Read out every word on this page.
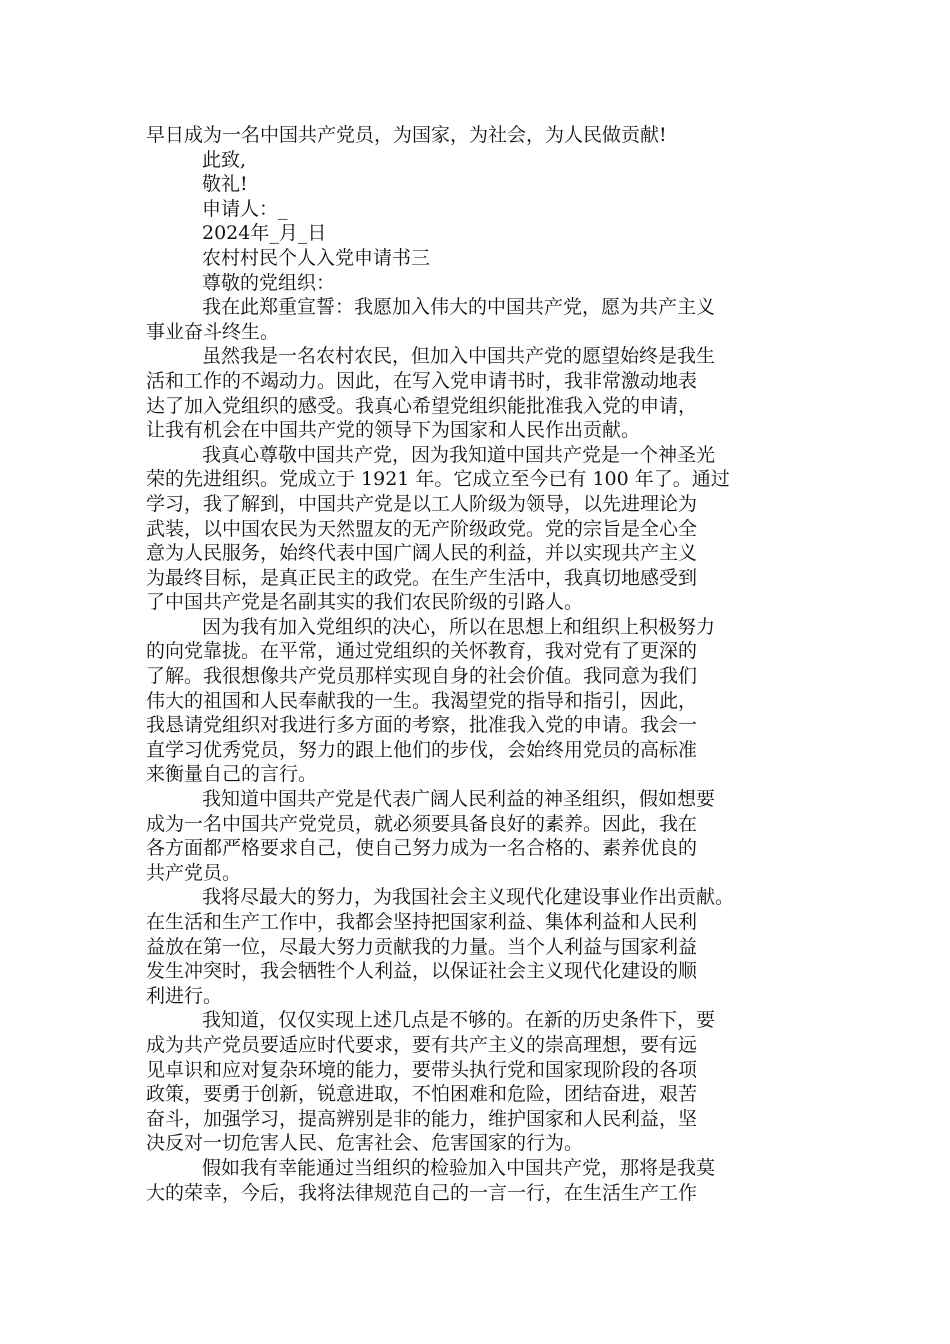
早日成为一名中国共产党员，为国家，为社会，为人民做贡献!
此致,
敬礼!
申请人：_
2024年_月_日
农村村民个人入党申请书三
尊敬的党组织：
我在此郑重宣誓：我愿加入伟大的中国共产党，愿为共产主义
事业奋斗终生。
虽然我是一名农村农民，但加入中国共产党的愿望始终是我生
活和工作的不竭动力。因此，在写入党申请书时，我非常激动地表
达了加入党组织的感受。我真心希望党组织能批准我入党的申请，
让我有机会在中国共产党的领导下为国家和人民作出贡献。
我真心尊敬中国共产党，因为我知道中国共产党是一个神圣光
荣的先进组织。党成立于 1921 年。它成立至今已有 100 年了。通过
学习，我了解到，中国共产党是以工人阶级为领导，以先进理论为
武装，以中国农民为天然盟友的无产阶级政党。党的宗旨是全心全
意为人民服务，始终代表中国广阔人民的利益，并以实现共产主义
为最终目标，是真正民主的政党。在生产生活中，我真切地感受到
了中国共产党是名副其实的我们农民阶级的引路人。
因为我有加入党组织的决心，所以在思想上和组织上积极努力
的向党靠拢。在平常，通过党组织的关怀教育，我对党有了更深的
了解。我很想像共产党员那样实现自身的社会价值。我同意为我们
伟大的祖国和人民奉献我的一生。我渴望党的指导和指引，因此，
我恳请党组织对我进行多方面的考察，批准我入党的申请。我会一
直学习优秀党员，努力的跟上他们的步伐，会始终用党员的高标准
来衡量自己的言行。
我知道中国共产党是代表广阔人民利益的神圣组织，假如想要
成为一名中国共产党党员，就必须要具备良好的素养。因此，我在
各方面都严格要求自己，使自己努力成为一名合格的、素养优良的
共产党员。
我将尽最大的努力，为我国社会主义现代化建设事业作出贡献。
在生活和生产工作中，我都会坚持把国家利益、集体利益和人民利
益放在第一位，尽最大努力贡献我的力量。当个人利益与国家利益
发生冲突时，我会牺牲个人利益，以保证社会主义现代化建设的顺
利进行。
我知道，仅仅实现上述几点是不够的。在新的历史条件下，要
成为共产党员要适应时代要求，要有共产主义的崇高理想，要有远
见卓识和应对复杂环境的能力，要带头执行党和国家现阶段的各项
政策，要勇于创新，锐意进取，不怕困难和危险，团结奋进，艰苦
奋斗，加强学习，提高辨别是非的能力，维护国家和人民利益，坚
决反对一切危害人民、危害社会、危害国家的行为。
假如我有幸能通过当组织的检验加入中国共产党，那将是我莫
大的荣幸，今后，我将法律规范自己的一言一行，在生活生产工作
